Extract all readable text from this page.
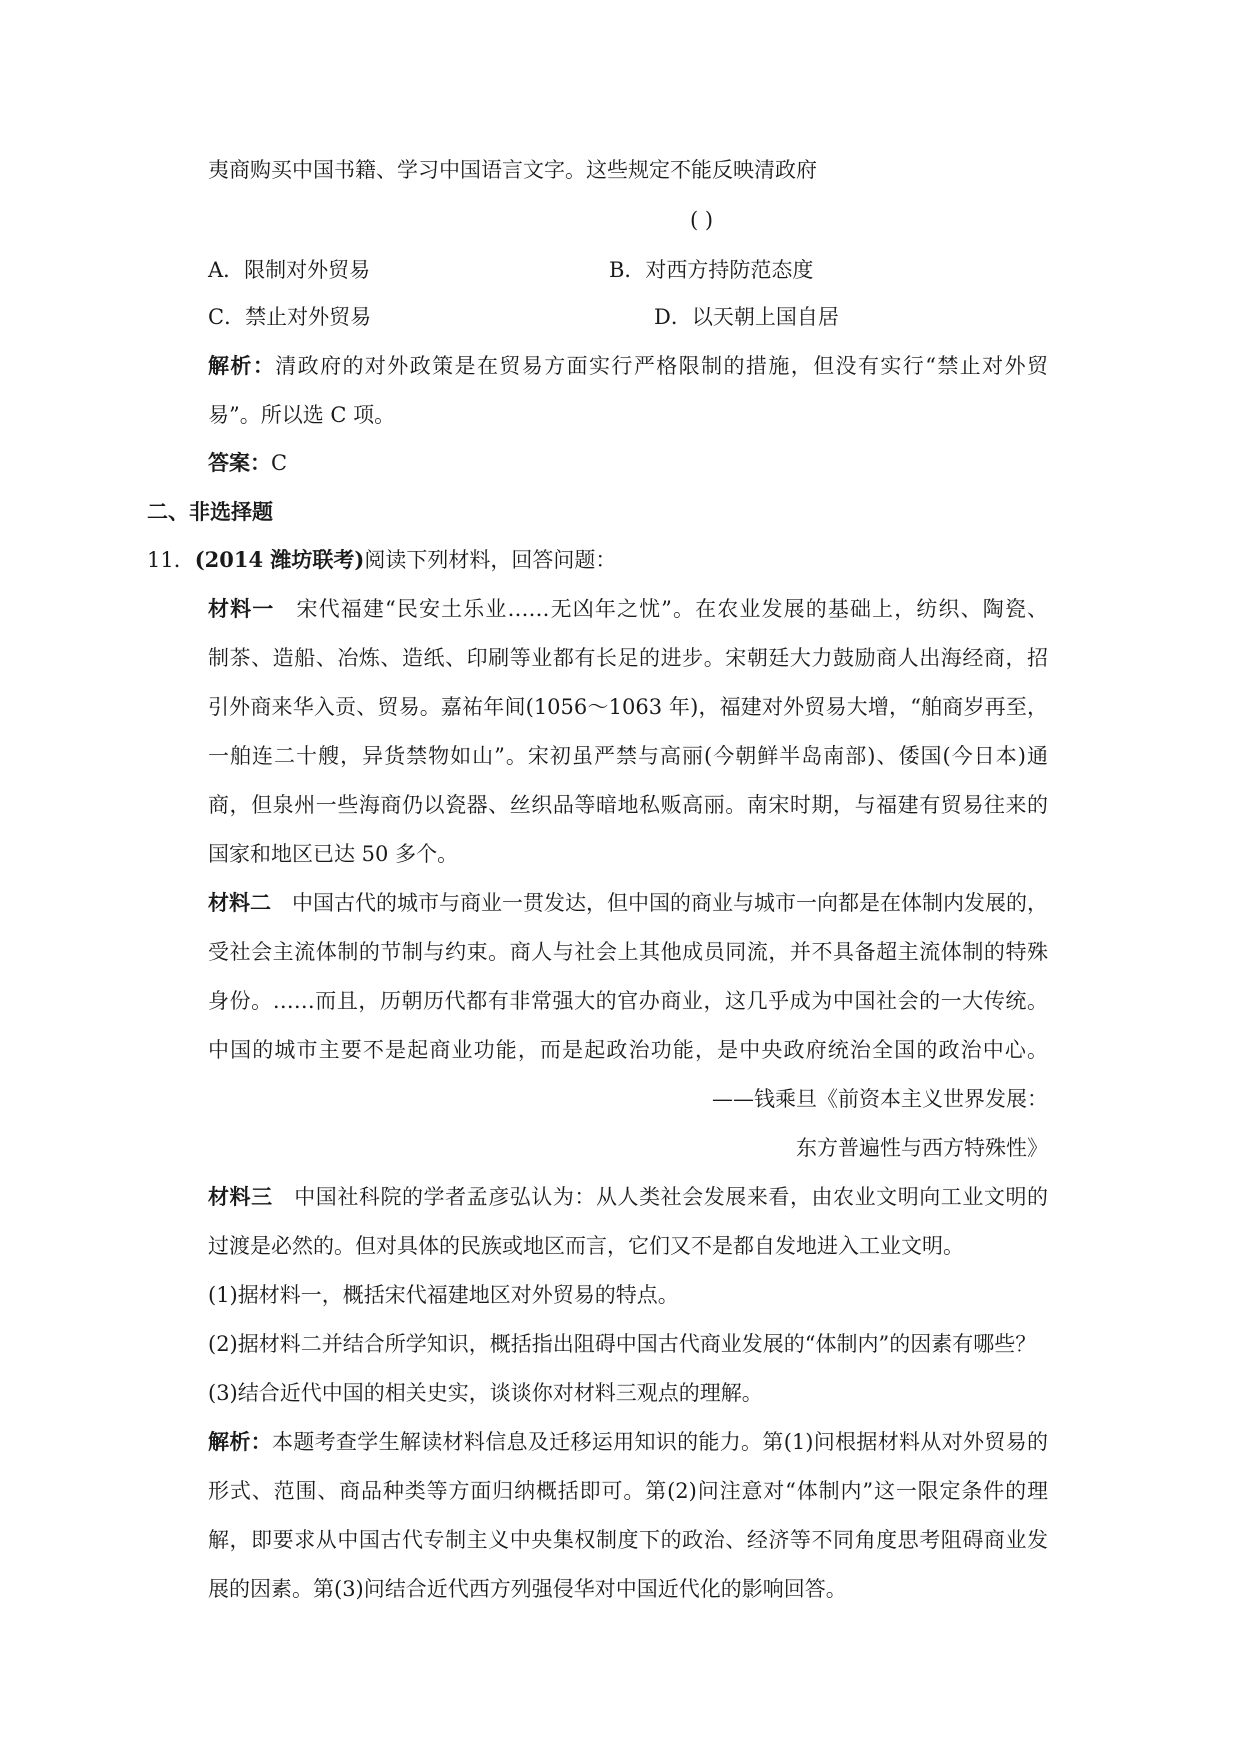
夷商购买中国书籍、学习中国语言文字。这些规定不能反映清政府
( )
A．限制对外贸易	B．对西方持防范态度
C．禁止对外贸易	D．以天朝上国自居
解析：清政府的对外政策是在贸易方面实行严格限制的措施，但没有实行“禁止对外贸
易”。所以选 C 项。
答案：C
二、非选择题
11．(2014 潍坊联考)阅读下列材料，回答问题：
材料一　 宋代福建“民安土乐业……无凶年之忧”。在农业发展的基础上，纺织、陶瓷、
制茶、造船、冶炼、造纸、印刷等业都有长足的进步。宋朝廷大力鼓励商人出海经商，招
引外商来华入贡、贸易。嘉祐年间(1056～1063 年)，福建对外贸易大增，“舶商岁再至，
一舶连二十艘，异货禁物如山”。宋初虽严禁与高丽(今朝鲜半岛南部)、倭国(今日本)通
商，但泉州一些海商仍以瓷器、丝织品等暗地私贩高丽。南宋时期，与福建有贸易往来的
国家和地区已达 50 多个。
材料二　 中国古代的城市与商业一贯发达，但中国的商业与城市一向都是在体制内发展的，
受社会主流体制的节制与约束。商人与社会上其他成员同流，并不具备超主流体制的特殊
身份。……而且，历朝历代都有非常强大的官办商业，这几乎成为中国社会的一大传统。
中国的城市主要不是起商业功能，而是起政治功能，是中央政府统治全国的政治中心。
——钱乘旦《前资本主义世界发展：
东方普遍性与西方特殊性》
材料三　 中国社科院的学者孟彦弘认为：从人类社会发展来看，由农业文明向工业文明的
过渡是必然的。但对具体的民族或地区而言，它们又不是都自发地进入工业文明。
(1)据材料一，概括宋代福建地区对外贸易的特点。
(2)据材料二并结合所学知识，概括指出阻碍中国古代商业发展的“体制内”的因素有哪些？
(3)结合近代中国的相关史实，谈谈你对材料三观点的理解。
解析：本题考查学生解读材料信息及迁移运用知识的能力。第(1)问根据材料从对外贸易的
形式、范围、商品种类等方面归纳概括即可。第(2)问注意对“体制内”这一限定条件的理
解，即要求从中国古代专制主义中央集权制度下的政治、经济等不同角度思考阻碍商业发
展的因素。第(3)问结合近代西方列强侵华对中国近代化的影响回答。
